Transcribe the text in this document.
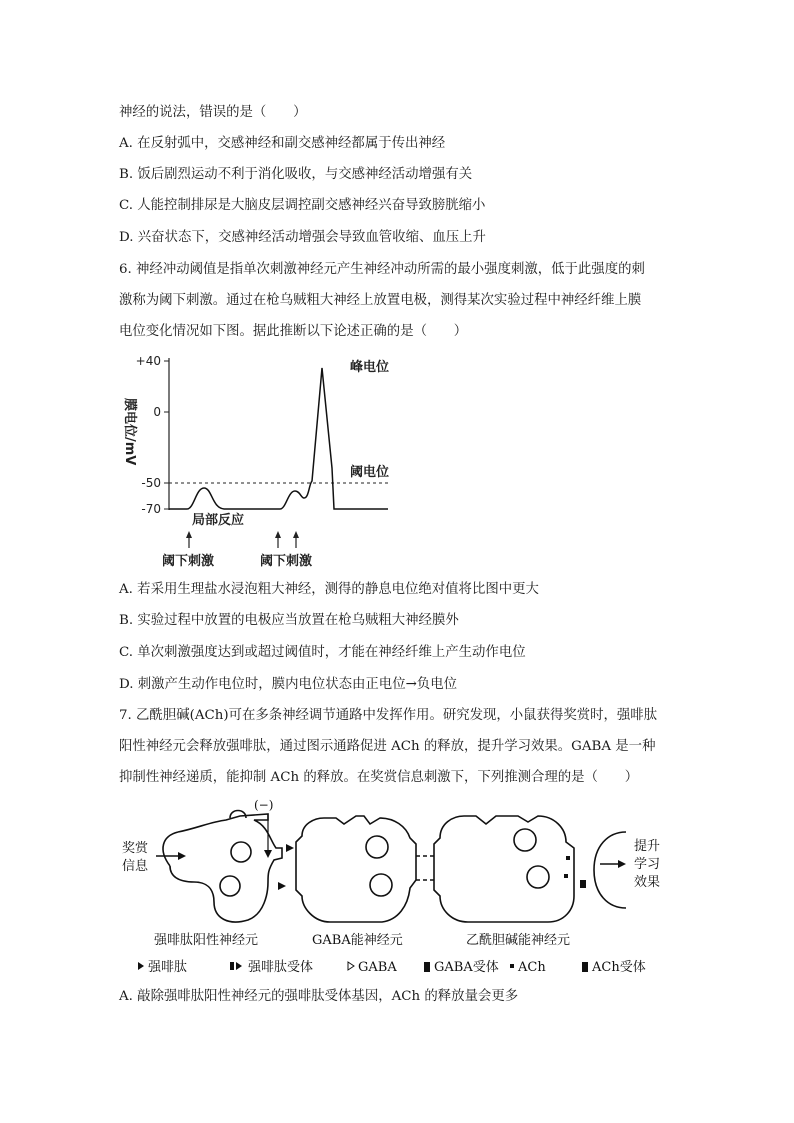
神经的说法，错误的是（　　）
A. 在反射弧中，交感神经和副交感神经都属于传出神经
B. 饭后剧烈运动不利于消化吸收，与交感神经活动增强有关
C. 人能控制排尿是大脑皮层调控副交感神经兴奋导致膀胱缩小
D. 兴奋状态下，交感神经活动增强会导致血管收缩、血压上升
6. 神经冲动阈值是指单次刺激神经元产生神经冲动所需的最小强度刺激，低于此强度的刺
激称为阈下刺激。通过在枪乌贼粗大神经上放置电极，测得某次实验过程中神经纤维上膜
电位变化情况如下图。据此推断以下论述正确的是（　　）
+40
0
-50
-70
膜电位/mV
峰电位
阈电位
局部反应
阈下刺激	阈下刺激
A. 若采用生理盐水浸泡粗大神经，测得的静息电位绝对值将比图中更大
B. 实验过程中放置的电极应当放置在枪乌贼粗大神经膜外
C. 单次刺激强度达到或超过阈值时，才能在神经纤维上产生动作电位
D. 刺激产生动作电位时，膜内电位状态由正电位→负电位
7. 乙酰胆碱(ACh)可在多条神经调节通路中发挥作用。研究发现，小鼠获得奖赏时，强啡肽
阳性神经元会释放强啡肽，通过图示通路促进 ACh 的释放，提升学习效果。GABA 是一种
抑制性神经递质，能抑制 ACh 的释放。在奖赏信息刺激下，下列推测合理的是（　　）
(−)
奖赏
信息
提升
学习
效果
强啡肽阳性神经元	GABA能神经元	乙酰胆碱能神经元
强啡肽	强啡肽受体	GABA	GABA受体 ACh	ACh受体
A. 敲除强啡肽阳性神经元的强啡肽受体基因，ACh 的释放量会更多
